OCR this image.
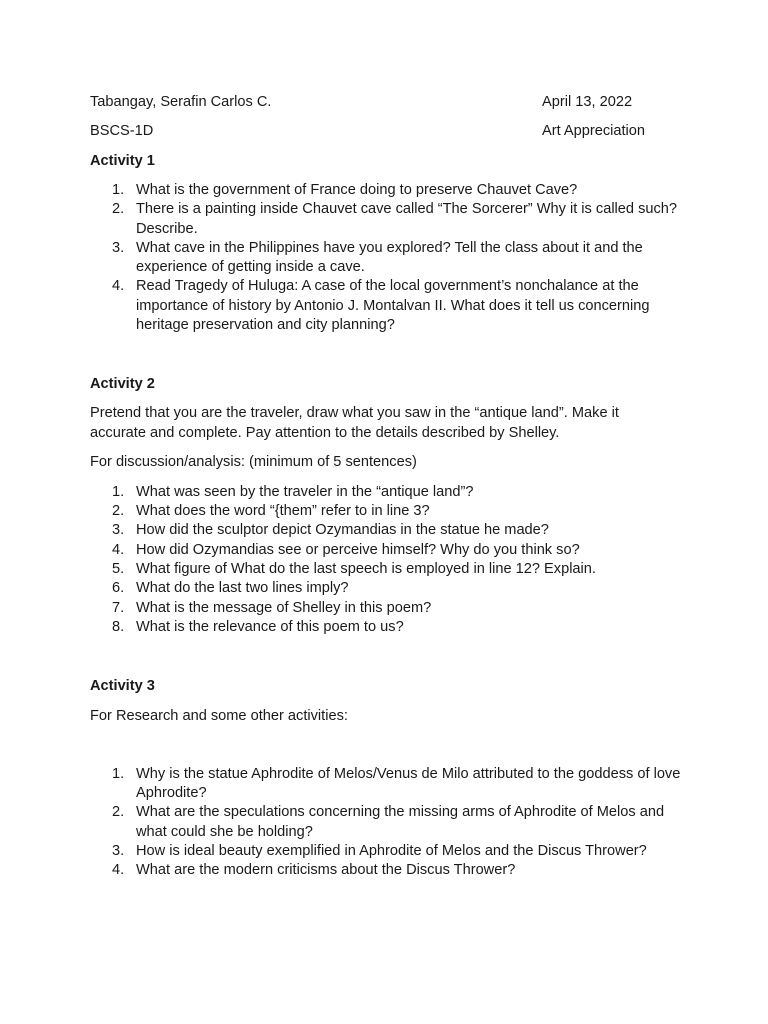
Tabangay, Serafin Carlos C.	April 13, 2022
BSCS-1D	Art Appreciation
Activity 1
1. What is the government of France doing to preserve Chauvet Cave?
2. There is a painting inside Chauvet cave called “The Sorcerer” Why it is called such? Describe.
3. What cave in the Philippines have you explored? Tell the class about it and the experience of getting inside a cave.
4. Read Tragedy of Huluga: A case of the local government’s nonchalance at the importance of history by Antonio J. Montalvan II. What does it tell us concerning heritage preservation and city planning?
Activity 2

Pretend that you are the traveler, draw what you saw in the “antique land”. Make it accurate and complete. Pay attention to the details described by Shelley.

For discussion/analysis: (minimum of 5 sentences)

1. What was seen by the traveler in the “antique land”?
2. What does the word “{them” refer to in line 3?
3. How did the sculptor depict Ozymandias in the statue he made?
4. How did Ozymandias see or perceive himself? Why do you think so?
5. What figure of What do the last speech is employed in line 12? Explain.
6. What do the last two lines imply?
7. What is the message of Shelley in this poem?
8. What is the relevance of this poem to us?
Activity 3

For Research and some other activities:

1. Why is the statue Aphrodite of Melos/Venus de Milo attributed to the goddess of love Aphrodite?
2. What are the speculations concerning the missing arms of Aphrodite of Melos and what could she be holding?
3. How is ideal beauty exemplified in Aphrodite of Melos and the Discus Thrower?
4. What are the modern criticisms about the Discus Thrower?
